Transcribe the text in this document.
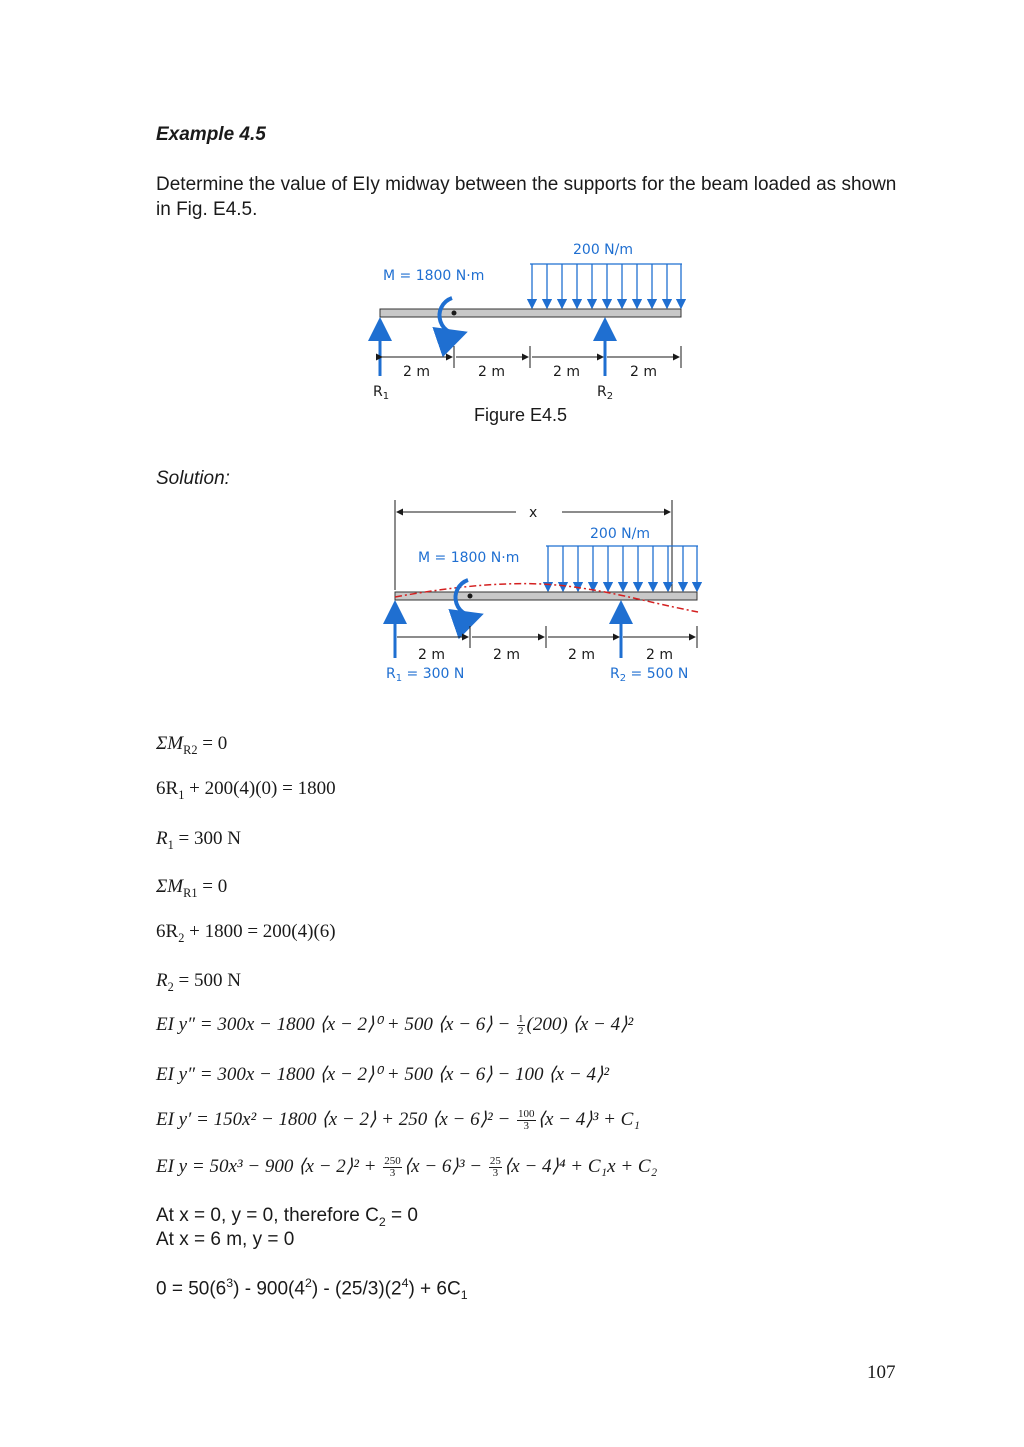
Example 4.5
Determine the value of EIy midway between the supports for the beam loaded as shown in Fig. E4.5.
200 N/m
M = 1800 N·m
2 m	2 m	2 m	2 m
$R_1$	$R_2$
Figure E4.5
Solution:
x
200 N/m
M = 1800 N·m
2 m	2 m	2 m	2 m
$R_1 = 300$ N	$R_2 = 500$ N
$\Sigma M_{R2} = 0$
$6R_1 + 200(4)(0) = 1800$
$R_1 = 300$ N
$\Sigma M_{R1} = 0$
$6R_2 + 1800 = 200(4)(6)$
$R_2 = 500$ N
EI y″ = 300x − 1800 ⟨x − 2⟩⁰ + 500 ⟨x − 6⟩ − $\frac{1}{2} (200)$ ⟨x − 4⟩²
EI y″ = 300x − 1800 ⟨x − 2⟩⁰ + 500 ⟨x − 6⟩ − 100 ⟨x − 4⟩²
EI y′ = 150x² − 1800 ⟨x − 2⟩ + 250 ⟨x − 6⟩² − $\frac{100}{3}$ ⟨x − 4⟩³ + C₁
EI y = 50x³ − 900 ⟨x − 2⟩² + $\frac{250}{3}$ ⟨x − 6⟩³ − $\frac{25}{3}$ ⟨x − 4⟩⁴ + C₁x + C₂
At x = 0, y = 0, therefore $C_2 = 0$
At x = 6 m, y = 0
$0 = 50(6^3) - 900(4^2) - (25/3)(2^4) + 6C_1$
107
